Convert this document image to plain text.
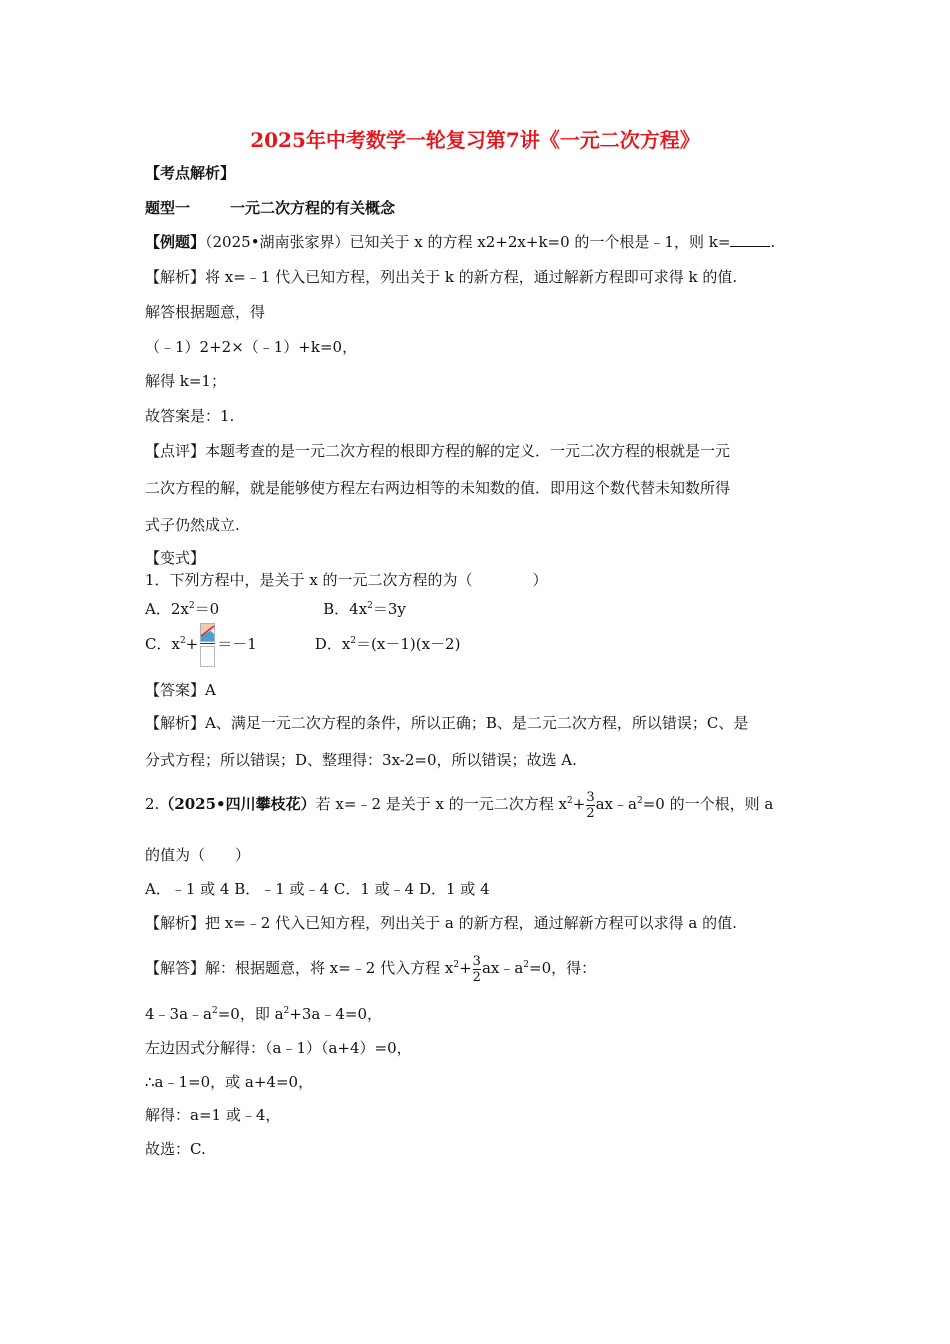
2025年中考数学一轮复习第7讲《一元二次方程》
【考点解析】
题型一	一元二次方程的有关概念
【例题】（2025•湖南张家界）已知关于 x 的方程 x2+2x+k=0 的一个根是﹣1，则 k=	.
【解析】将 x=﹣1 代入已知方程，列出关于 k 的新方程，通过解新方程即可求得 k 的值.
解答根据题意，得
（﹣1）2+2×（﹣1）+k=0，
解得 k=1；
故答案是：1.
【点评】本题考查的是一元二次方程的根即方程的解的定义．一元二次方程的根就是一元
二次方程的解，就是能够使方程左右两边相等的未知数的值．即用这个数代替未知数所得
式子仍然成立.
【变式】
1．下列方程中，是关于 x 的一元二次方程的为（　　　　）
A．$2x^2=0$	B．$4x^2=3y$
C．$x^2+ =-1$	D．$x^2=(x-1)(x-2)$
【答案】A
【解析】A、满足一元二次方程的条件，所以正确；B、是二元二次方程，所以错误；C、是
分式方程；所以错误；D、整理得：3x-2=0，所以错误；故选 A.
2.（2025•四川攀枝花）若 x=﹣2 是关于 x 的一元二次方程 $x^2+ \frac{3}{2}$ $ax﹣a^2=0$ 的一个根，则 a
的值为（　　）
A．﹣1 或 4 B．﹣1 或﹣4 C．1 或﹣4 D．1 或 4
【解析】把 x=﹣2 代入已知方程，列出关于 a 的新方程，通过解新方程可以求得 a 的值.
【解答】解：根据题意，将 x=﹣2 代入方程 $x^2+ \frac{3}{2}$ $ax﹣a^2=0$，得：
$4﹣3a﹣a^2=0$，即 $a^2+3a﹣4=0$，
左边因式分解得：（a﹣1）（a+4）=0，
∴a﹣1=0，或 a+4=0，
解得：a=1 或﹣4，
故选：C.
